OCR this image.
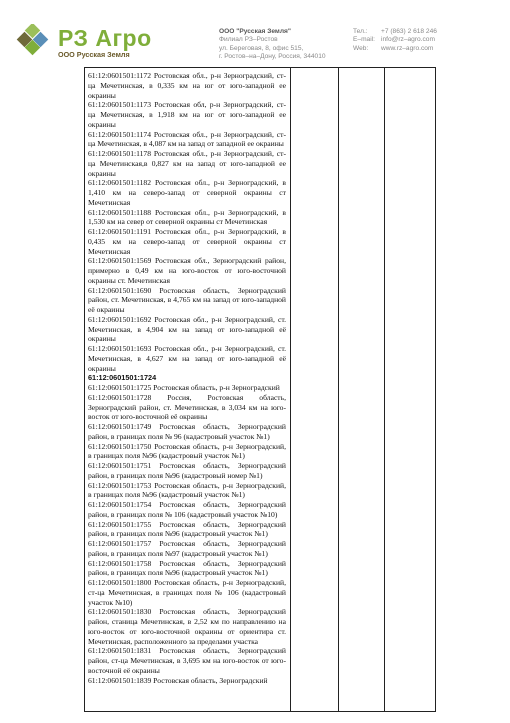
РЗ Агро
ООО Русская Земля
ООО "Русская Земля"
Филиал РЗ–Ростов
ул. Береговая, 8, офис 515,
г. Ростов–на–Дону, Россия, 344010
Тел.: +7 (863) 2 618 246
E–mail: info@rz–agro.com
Web: www.rz–agro.com
61:12:0601501:1172 Ростовская обл., р-н Зерноградский, ст-ца Мечетинская, в 0,335 км на юг от юго-западной ее окраины
61:12:0601501:1173 Ростовская обл, р-н Зерноградский, ст-ца Мечетинская, в 1,918 км на юг от юго-западной ее окраины
61:12:0601501:1174 Ростовская обл., р-н Зерноградский, ст-ца Мечетинская, в 4,087 км на запад от западной ее окраины
61:12:0601501:1178 Ростовская обл., р-н Зерноградский, ст-ца Мечетинская,в 0,827 км на запад от юго-западной ее окраины
61:12:0601501:1182 Ростовская обл., р-н Зерноградский, в 1,410 км на северо-запад от северной окраины ст Мечетинская
61:12:0601501:1188 Ростовская обл., р-н Зерноградский, в 1,530 км на север от северной окраины ст Мечетинская
61:12:0601501:1191 Ростовская обл., р-н Зерноградский, в 0,435 км на северо-запад от северной окраины ст Мечетинская
61:12:0601501:1569 Ростовская обл., Зерноградский район, примерно в 0,49 км на юго-восток от юго-восточной окраины ст. Мечетинская
61:12:0601501:1690 Ростовская область, Зерноградский район, ст. Мечетинская, в 4,765 км на запад от юго-западной её окраины
61:12:0601501:1692 Ростовская обл., р-н Зерноградский, ст. Мечетинская, в 4,904 км на запад от юго-западной её окраины
61:12:0601501:1693 Ростовская обл., р-н Зерноградский, ст. Мечетинская, в 4,627 км на запад от юго-западной её окраины
61:12:0601501:1724
61:12:0601501:1725 Ростовская область, р-н Зерноградский
61:12:0601501:1728 Россия, Ростовская область, Зерноградский район, ст. Мечетинская, в 3,034 км на юго-восток от юго-восточной её окраины
61:12:0601501:1749 Ростовская область, Зерноградский район, в границах поля № 96 (кадастровый участок №1)
61:12:0601501:1750 Ростовская область, р-н Зерноградский, в границах поля №96 (кадастровый участок №1)
61:12:0601501:1751 Ростовская область, Зерноградский район, в границах поля №96 (кадастровый номер №1)
61:12:0601501:1753 Ростовская область, р-н Зерноградский, в границах поля №96 (кадастровый участок №1)
61:12:0601501:1754 Ростовская область, Зерноградский район, в границах поля № 106 (кадастровый участок №10)
61:12:0601501:1755 Ростовская область, Зерноградский район, в границах поля №96 (кадастровый участок №1)
61:12:0601501:1757 Ростовская область, Зерноградский район, в границах поля №97 (кадастровый участок №1)
61:12:0601501:1758 Ростовская область, Зерноградский район, в границах поля №96 (кадастровый участок №1)
61:12:0601501:1800 Ростовская область, р-н Зерноградский, ст-ца Мечетинская, в границах поля № 106 (кадастровый участок №10)
61:12:0601501:1830 Ростовская область, Зерноградский район, станица Мечетинская, в 2,52 км по направлению на юго-восток от юго-восточной окраины от ориентира ст. Мечетинская, расположенного за пределами участка
61:12:0601501:1831 Ростовская область, Зерноградский район, ст-ца Мечетинская, в 3,695 км на юго-восток от юго-восточной её окраины
61:12:0601501:1839 Ростовская область, Зерноградский
